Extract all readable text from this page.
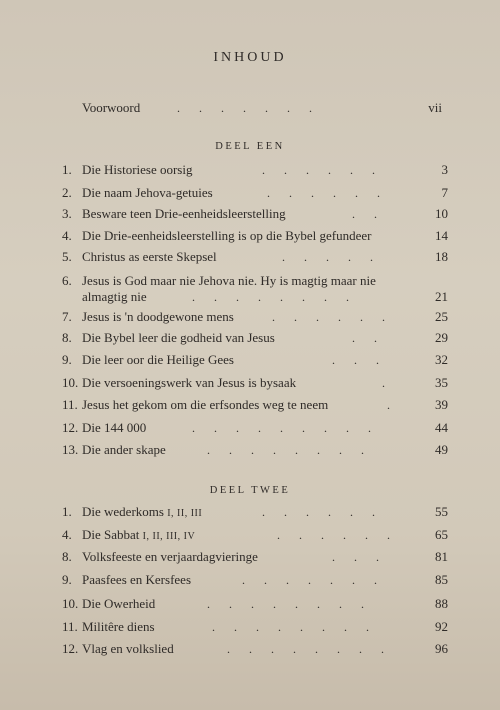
INHOUD
Voorwoord	. . . . . . .	vii
DEEL EEN
1. Die Historiese oorsig	. . . . . .	3
2. Die naam Jehova-getuies	. . . . . .	7
3. Besware teen Drie-eenheidsleerstelling	. .	10
4. Die Drie-eenheidsleerstelling is op die Bybel gefundeer	14
5. Christus as eerste Skepsel	. . . . .	18
6. Jesus is God maar nie Jehova nie. Hy is magtig maar nie
almagtig nie	. . . . . . . .	21
7. Jesus is 'n doodgewone mens	. . . . . .	25
8. Die Bybel leer die godheid van Jesus	. .	29
9. Die leer oor die Heilige Gees	. . .	32
10. Die versoeningswerk van Jesus is bysaak	.	35
11. Jesus het gekom om die erfsondes weg te neem	.	39
12. Die 144 000	. . . . . . . . .	44
13. Die ander skape	. . . . . . . .	49
DEEL TWEE
1. Die wederkoms I, II, III	. . . . . .	55
4. Die Sabbat I, II, III, IV	. . . . . .	65
8. Volksfeeste en verjaardagvieringe	. . .	81
9. Paasfees en Kersfees	. . . . . . .	85
10. Die Owerheid	. . . . . . . .	88
11. Militêre diens	. . . . . . . .	92
12. Vlag en volkslied	. . . . . . . .	96
